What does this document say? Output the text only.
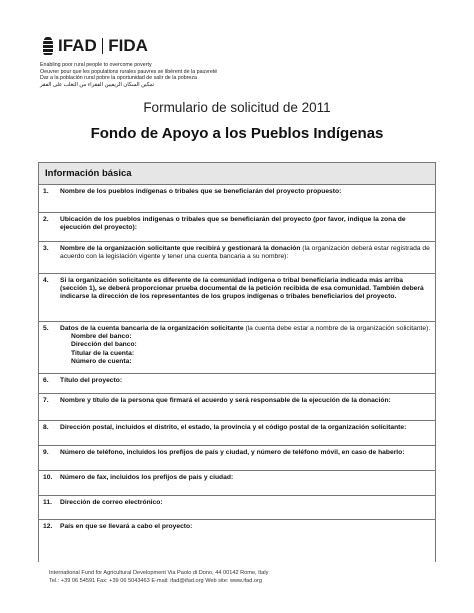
IFAD FIDA
Enabling poor rural people to overcome poverty
Oeuvrer pour que les populations rurales pauvres se libèrent de la pauvreté
Dar a la población rural pobre la oportunidad de salir de la pobreza
تمكين السكان الريفيين الفقراء من التغلب على الفقر
Formulario de solicitud de 2011
Fondo de Apoyo a los Pueblos Indígenas
Información básica
1. Nombre de los pueblos indígenas o tribales que se beneficiarán del proyecto propuesto:
2. Ubicación de los pueblos indígenas o tribales que se beneficiarán del proyecto (por favor, indique la zona de ejecución del proyecto):
3. Nombre de la organización solicitante que recibirá y gestionará la donación (la organización deberá estar registrada de acuerdo con la legislación vigente y tener una cuenta bancaria a su nombre):
4. Si la organización solicitante es diferente de la comunidad indígena o tribal beneficiaria indicada más arriba (sección 1), se deberá proporcionar prueba documental de la petición recibida de esa comunidad. También deberá indicarse la dirección de los representantes de los grupos indígenas o tribales beneficiarios del proyecto.
5. Datos de la cuenta bancaria de la organización solicitante (la cuenta debe estar a nombre de la organización solicitante).
Nombre del banco:
Dirección del banco:
Titular de la cuenta:
Número de cuenta:
6. Título del proyecto:
7. Nombre y título de la persona que firmará el acuerdo y será responsable de la ejecución de la donación:
8. Dirección postal, incluidos el distrito, el estado, la provincia y el código postal de la organización solicitante:
9. Número de teléfono, incluidos los prefijos de país y ciudad, y número de teléfono móvil, en caso de haberlo:
10. Número de fax, incluidos los prefijos de país y ciudad:
11. Dirección de correo electrónico:
12. País en que se llevará a cabo el proyecto:
International Fund for Agricultural Development Via Paolo di Dono, 44 00142 Rome, Italy
Tel.: +39 06 54591 Fax: +39 06 5043463 E-mail: ifad@ifad.org Web site: www.ifad.org
